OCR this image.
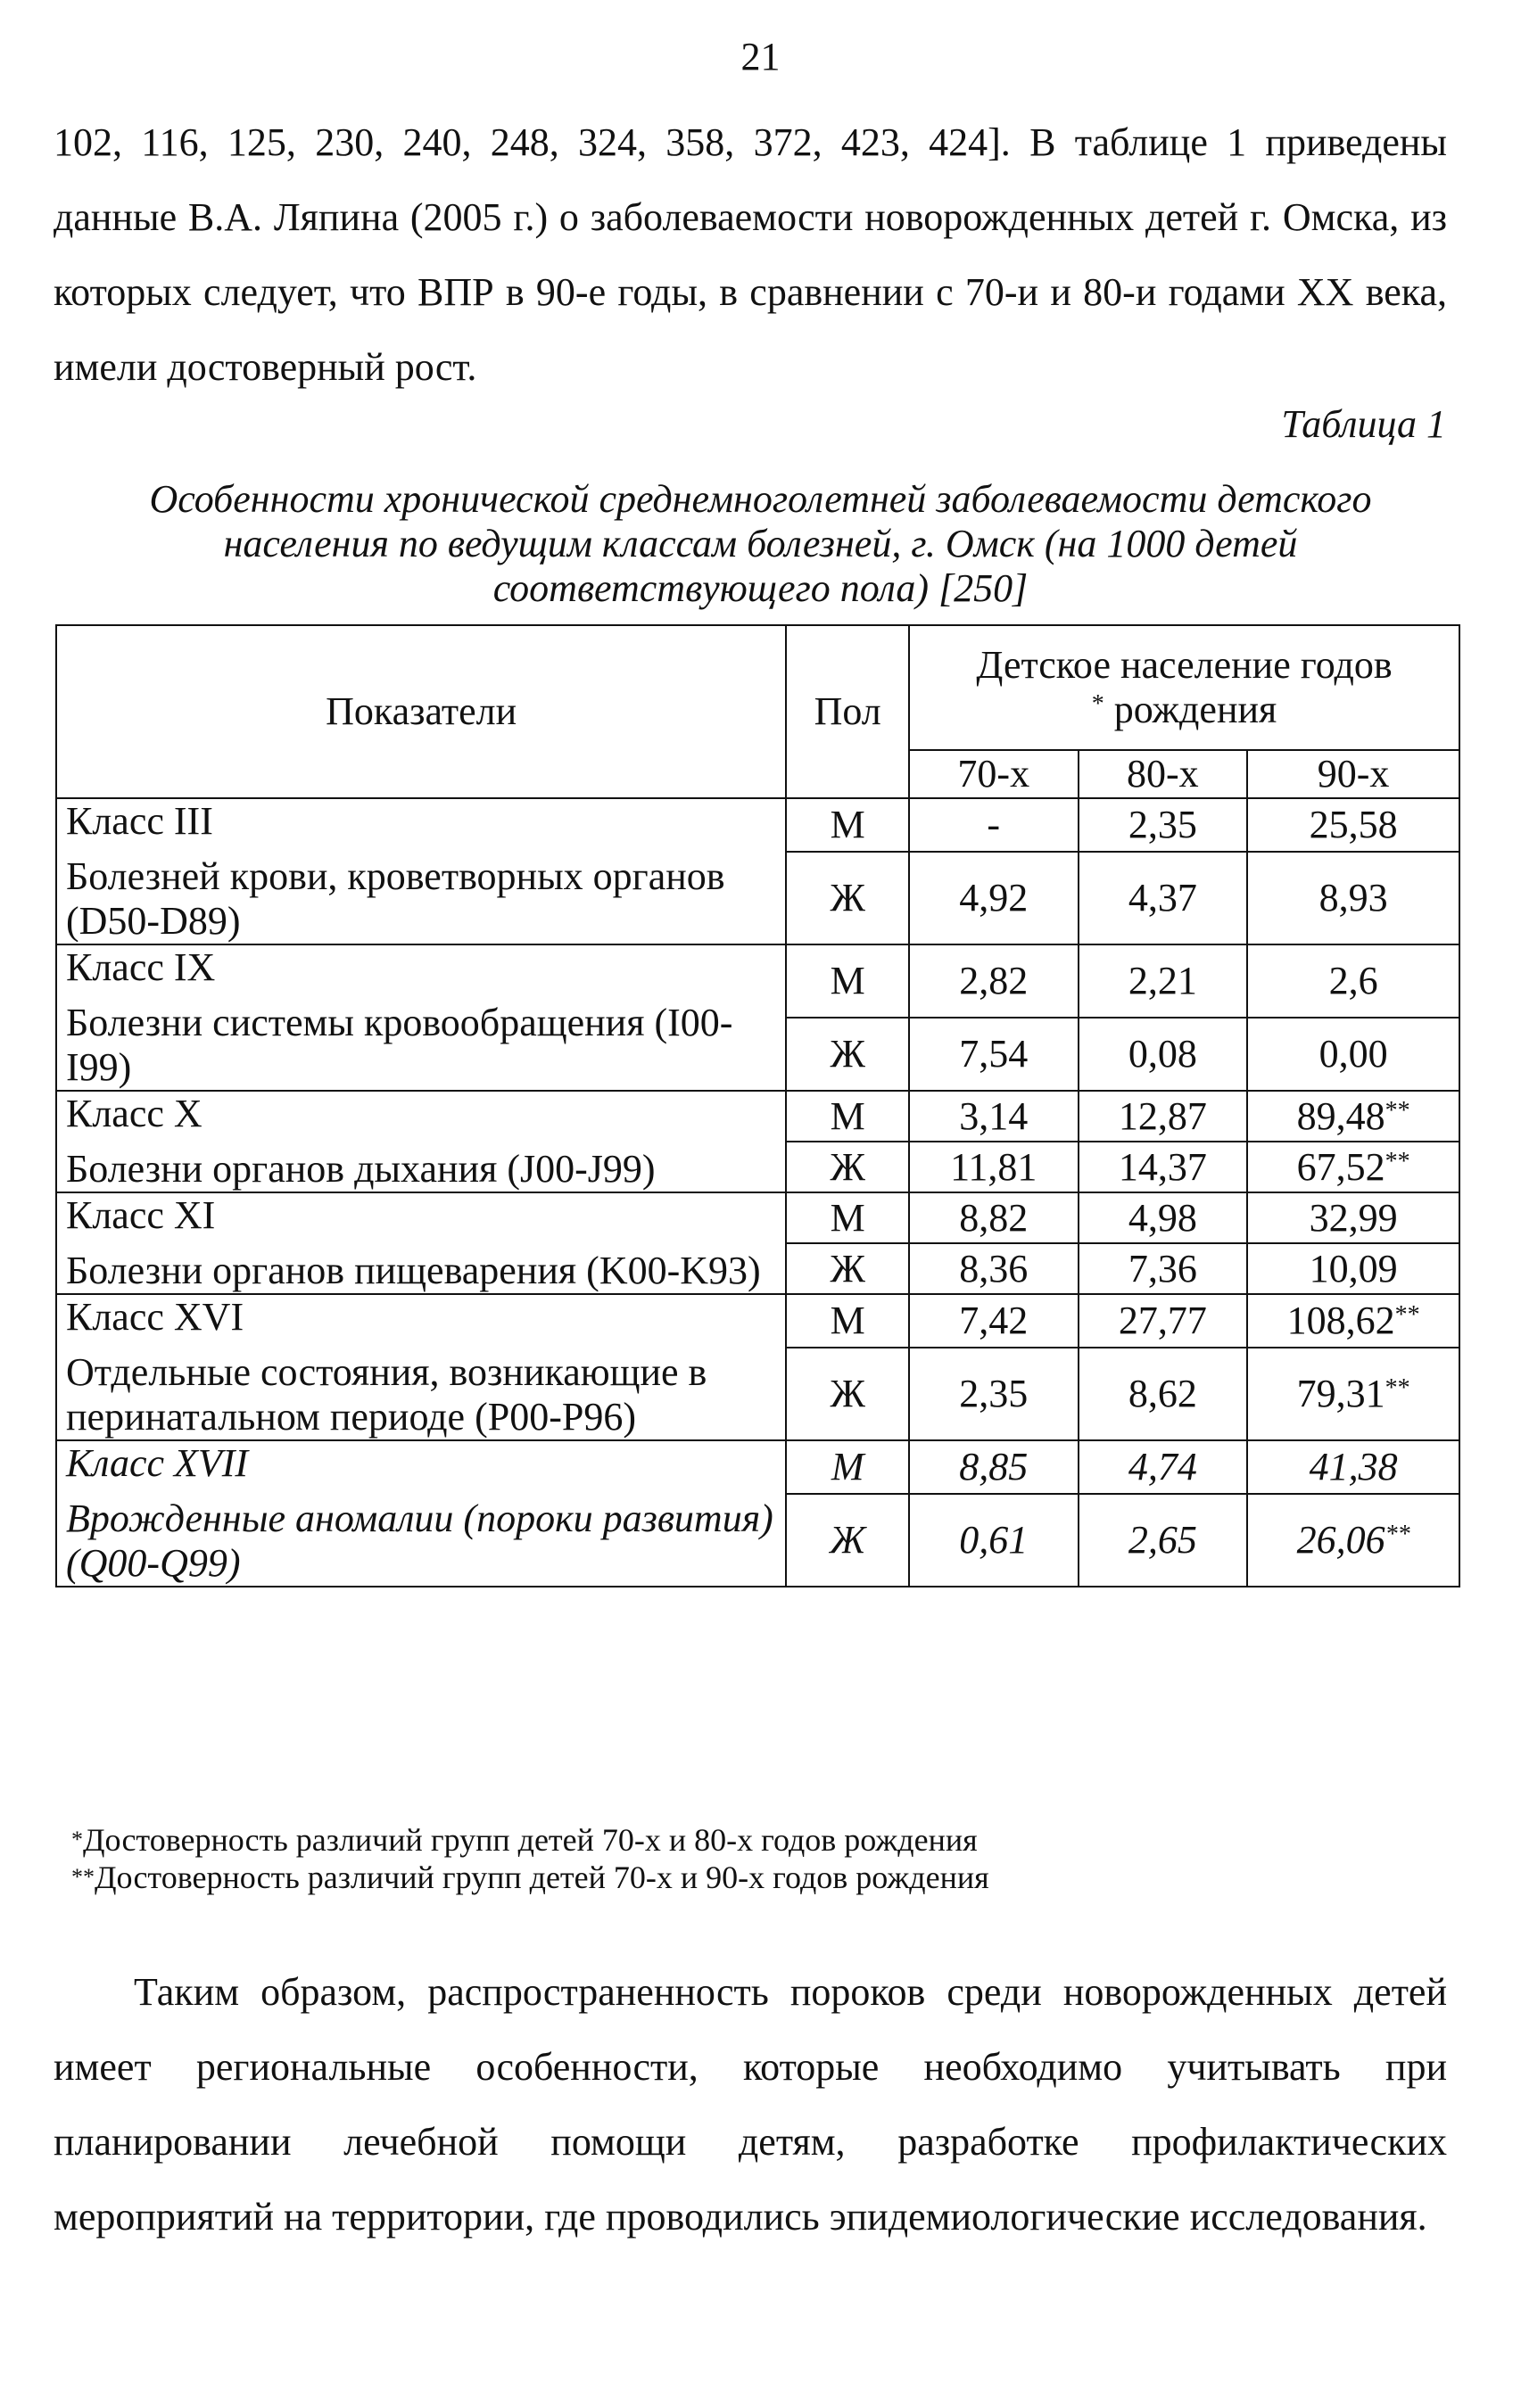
21

102, 116, 125, 230, 240, 248, 324, 358, 372, 423, 424]. В таблице 1 приведены данные В.А. Ляпина (2005 г.) о заболеваемости новорожденных детей г. Омска, из которых следует, что ВПР в 90-е годы, в сравнении с 70-и и 80-и годами XX века, имели достоверный рост.

Таблица 1
Особенности хронической среднемноголетней заболеваемости детского населения по ведущим классам болезней, г. Омск (на 1000 детей соответствующего пола) [250]
Показатели	Пол	Детское население годов
* рождения		

		70-х	80-х	90-х

Класс III
Болезней крови, кроветворных органов (D50-D89)	М	-	2,35	25,58
	Ж	4,92	4,37	8,93

Класс IX
Болезни системы кровообращения (I00-I99)	М	2,82	2,21	2,6
	Ж	7,54	0,08	0,00

Класс X
Болезни органов дыхания (J00-J99)	М	3,14	12,87	89,48**
	Ж	11,81	14,37	67,52**

Класс XI
Болезни органов пищеварения (K00-K93)	М	8,82	4,98	32,99
	Ж	8,36	7,36	10,09

Класс XVI
Отдельные состояния, возникающие в перинатальном периоде (P00-P96)	М	7,42	27,77	108,62**
	Ж	2,35	8,62	79,31**

Класс XVII
Врожденные аномалии (пороки развития) (Q00-Q99)	М	8,85	4,74	41,38
	Ж	0,61	2,65	26,06**
*Достоверность различий групп детей 70-х и 80-х годов рождения
**Достоверность различий групп детей 70-х и 90-х годов рождения

Таким образом, распространенность пороков среди новорожденных детей имеет региональные особенности, которые необходимо учитывать при планировании лечебной помощи детям, разработке профилактических мероприятий на территории, где проводились эпидемиологические исследования.
